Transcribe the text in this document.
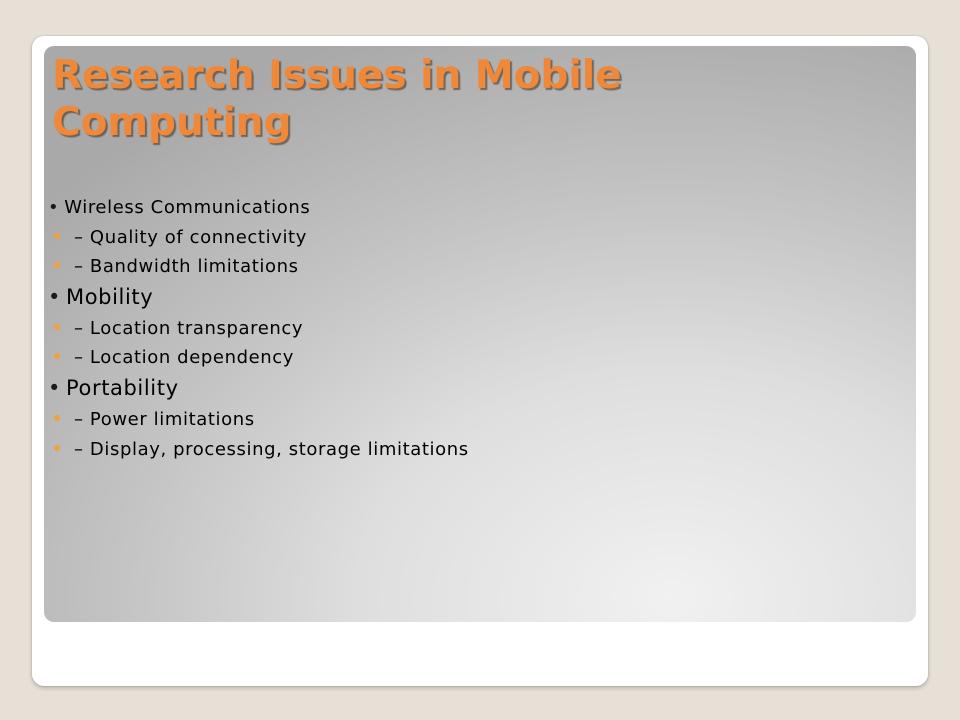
Research Issues in Mobile Computing
• Wireless Communications
– Quality of connectivity
– Bandwidth limitations
• Mobility
– Location transparency
– Location dependency
• Portability
– Power limitations
– Display, processing, storage limitations
